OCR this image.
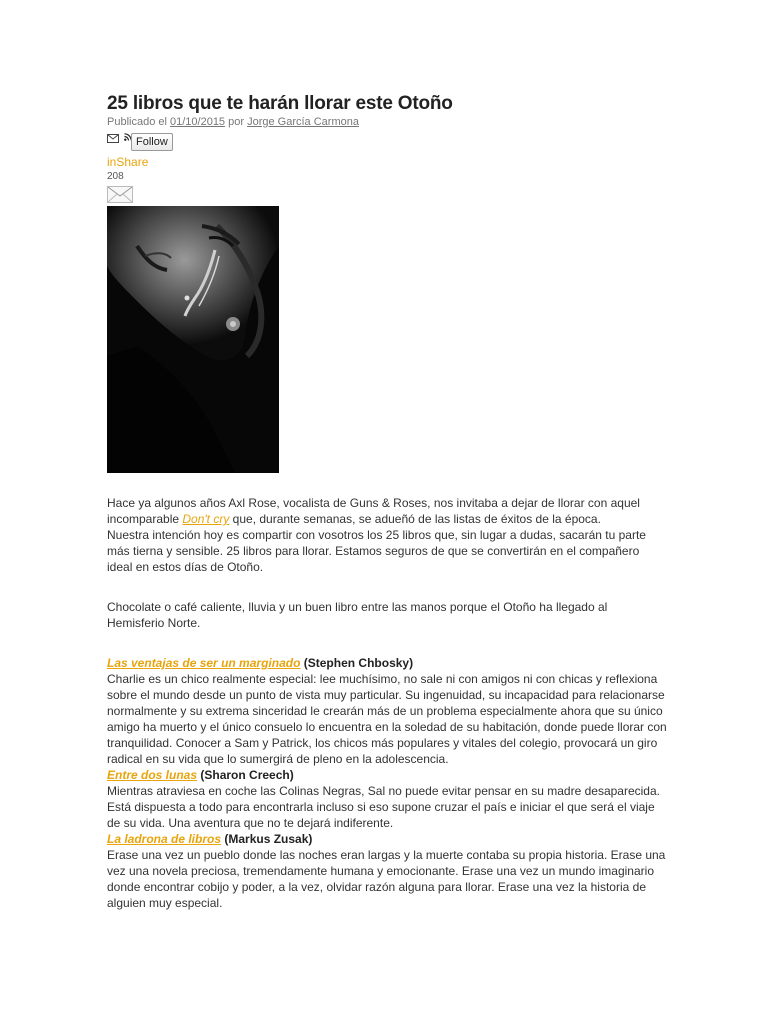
25 libros que te harán llorar este Otoño
Publicado el 01/10/2015 por Jorge García Carmona
Follow
inShare
208

Hace ya algunos años Axl Rose, vocalista de Guns & Roses, nos invitaba a dejar de llorar con aquel incomparable Don't cry que, durante semanas, se adueñó de las listas de éxitos de la época.

Nuestra intención hoy es compartir con vosotros los 25 libros que, sin lugar a dudas, sacarán tu parte más tierna y sensible. 25 libros para llorar. Estamos seguros de que se convertirán en el compañero ideal en estos días de Otoño.

Chocolate o café caliente, lluvia y un buen libro entre las manos porque el Otoño ha llegado al Hemisferio Norte.

Las ventajas de ser un marginado (Stephen Chbosky)

Charlie es un chico realmente especial: lee muchísimo, no sale ni con amigos ni con chicas y reflexiona sobre el mundo desde un punto de vista muy particular. Su ingenuidad, su incapacidad para relacionarse normalmente y su extrema sinceridad le crearán más de un problema especialmente ahora que su único amigo ha muerto y el único consuelo lo encuentra en la soledad de su habitación, donde puede llorar con tranquilidad. Conocer a Sam y Patrick, los chicos más populares y vitales del colegio, provocará un giro radical en su vida que lo sumergirá de pleno en la adolescencia.

Entre dos lunas (Sharon Creech)

Mientras atraviesa en coche las Colinas Negras, Sal no puede evitar pensar en su madre desaparecida. Está dispuesta a todo para encontrarla incluso si eso supone cruzar el país e iniciar el que será el viaje de su vida. Una aventura que no te dejará indiferente.

La ladrona de libros (Markus Zusak)

Erase una vez un pueblo donde las noches eran largas y la muerte contaba su propia historia. Erase una vez una novela preciosa, tremendamente humana y emocionante. Erase una vez un mundo imaginario donde encontrar cobijo y poder, a la vez, olvidar razón alguna para llorar. Erase una vez la historia de alguien muy especial.
